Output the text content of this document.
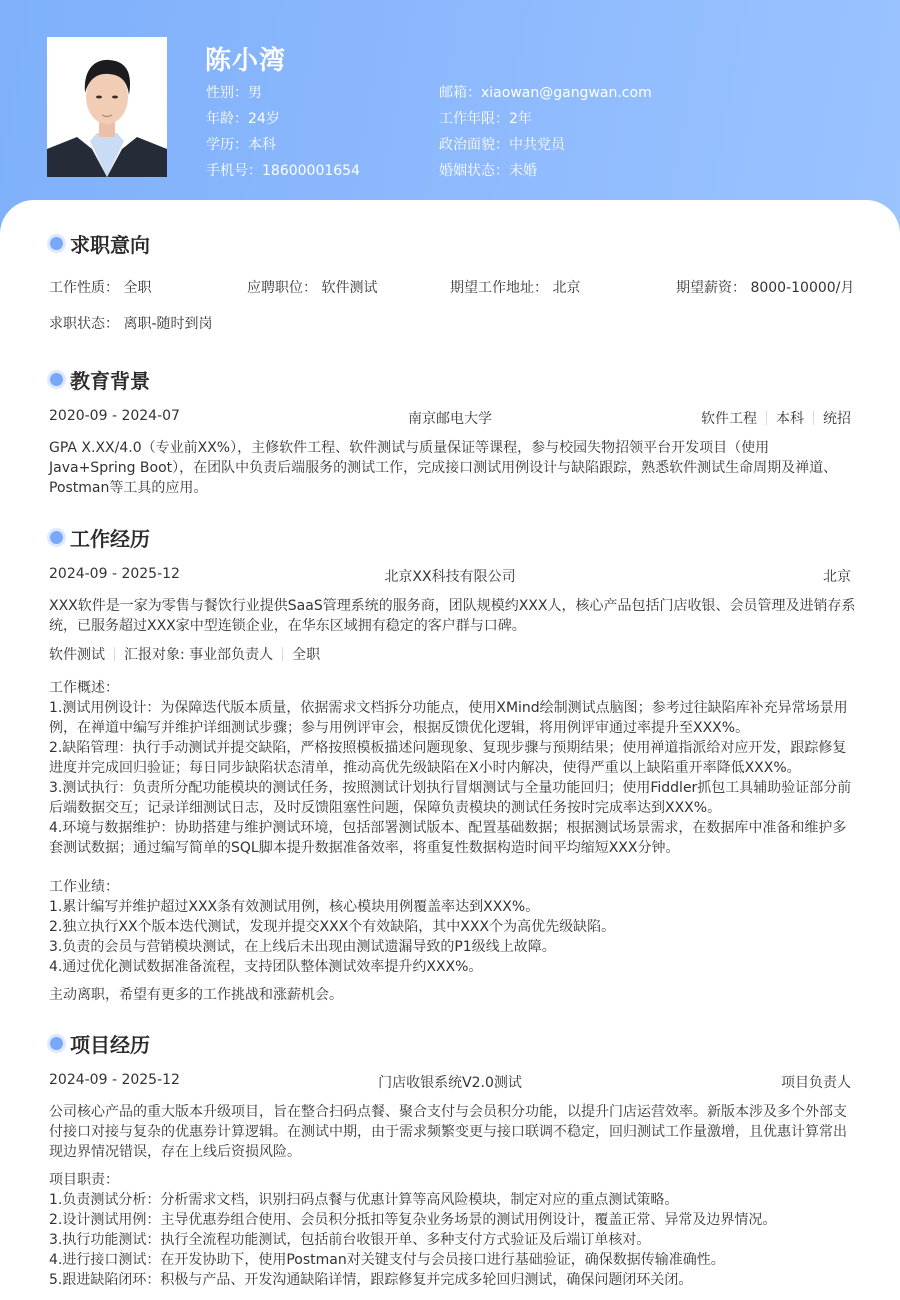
陈小湾
性别：男
年龄：24岁
学历：本科
手机号：18600001654
邮箱：xiaowan@gangwan.com
工作年限：2年
政治面貌：中共党员
婚姻状态：未婚
求职意向
工作性质： 全职	应聘职位： 软件测试	期望工作地址： 北京	期望薪资： 8000-10000/月
求职状态： 离职-随时到岗
教育背景
2020-09 - 2024-07	南京邮电大学	软件工程 本科 统招
GPA X.XX/4.0（专业前XX%），主修软件工程、软件测试与质量保证等课程，参与校园失物招领平台开发项目（使用
Java+Spring Boot），在团队中负责后端服务的测试工作，完成接口测试用例设计与缺陷跟踪，熟悉软件测试生命周期及禅道、
Postman等工具的应用。
工作经历
2024-09 - 2025-12	北京XX科技有限公司	北京
XXX软件是一家为零售与餐饮行业提供SaaS管理系统的服务商，团队规模约XXX人，核心产品包括门店收银、会员管理及进销存系
统，已服务超过XXX家中型连锁企业，在华东区域拥有稳定的客户群与口碑。
软件测试 汇报对象: 事业部负责人 全职
工作概述：
1.测试用例设计：为保障迭代版本质量，依据需求文档拆分功能点，使用XMind绘制测试点脑图；参考过往缺陷库补充异常场景用
例，在禅道中编写并维护详细测试步骤；参与用例评审会，根据反馈优化逻辑，将用例评审通过率提升至XXX%。
2.缺陷管理：执行手动测试并提交缺陷，严格按照模板描述问题现象、复现步骤与预期结果；使用禅道指派给对应开发，跟踪修复
进度并完成回归验证；每日同步缺陷状态清单，推动高优先级缺陷在X小时内解决，使得严重以上缺陷重开率降低XXX%。
3.测试执行：负责所分配功能模块的测试任务，按照测试计划执行冒烟测试与全量功能回归；使用Fiddler抓包工具辅助验证部分前
后端数据交互；记录详细测试日志，及时反馈阻塞性问题，保障负责模块的测试任务按时完成率达到XXX%。
4.环境与数据维护：协助搭建与维护测试环境，包括部署测试版本、配置基础数据；根据测试场景需求，在数据库中准备和维护多
套测试数据；通过编写简单的SQL脚本提升数据准备效率，将重复性数据构造时间平均缩短XXX分钟。
工作业绩：
1.累计编写并维护超过XXX条有效测试用例，核心模块用例覆盖率达到XXX%。
2.独立执行XX个版本迭代测试，发现并提交XXX个有效缺陷，其中XXX个为高优先级缺陷。
3.负责的会员与营销模块测试，在上线后未出现由测试遗漏导致的P1级线上故障。
4.通过优化测试数据准备流程，支持团队整体测试效率提升约XXX%。
主动离职，希望有更多的工作挑战和涨薪机会。
项目经历
2024-09 - 2025-12	门店收银系统V2.0测试	项目负责人
公司核心产品的重大版本升级项目，旨在整合扫码点餐、聚合支付与会员积分功能，以提升门店运营效率。新版本涉及多个外部支
付接口对接与复杂的优惠券计算逻辑。在测试中期，由于需求频繁变更与接口联调不稳定，回归测试工作量激增，且优惠计算常出
现边界情况错误，存在上线后资损风险。
项目职责：
1.负责测试分析：分析需求文档，识别扫码点餐与优惠计算等高风险模块，制定对应的重点测试策略。
2.设计测试用例：主导优惠券组合使用、会员积分抵扣等复杂业务场景的测试用例设计，覆盖正常、异常及边界情况。
3.执行功能测试：执行全流程功能测试，包括前台收银开单、多种支付方式验证及后端订单核对。
4.进行接口测试：在开发协助下，使用Postman对关键支付与会员接口进行基础验证，确保数据传输准确性。
5.跟进缺陷闭环：积极与产品、开发沟通缺陷详情，跟踪修复并完成多轮回归测试，确保问题闭环关闭。
